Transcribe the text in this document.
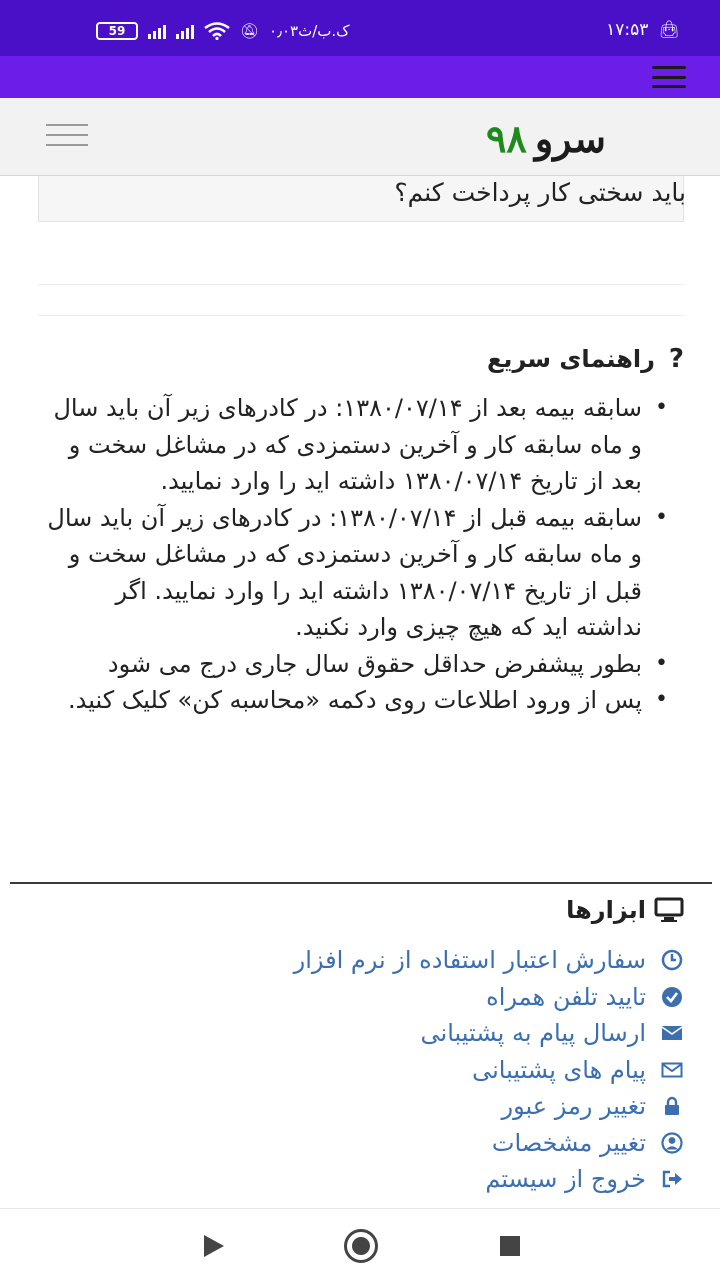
59	🔕︎ ۰٫۰۳ک.ب/ث	👜︎
۱۷:۵۳
باید سختی کار پرداخت کنم؟
سرو
۹۸
?
راهنمای سریع
• سابقه بیمه بعد از ۱۳۸۰/۰۷/۱۴: در کادرهای زیر آن باید سال و ماه سابقه کار و آخرین دستمزدی که در مشاغل سخت و بعد از تاریخ ۱۳۸۰/۰۷/۱۴ داشته اید را وارد نمایید.
• سابقه بیمه قبل از ۱۳۸۰/۰۷/۱۴: در کادرهای زیر آن باید سال و ماه سابقه کار و آخرین دستمزدی که در مشاغل سخت و قبل از تاریخ ۱۳۸۰/۰۷/۱۴ داشته اید را وارد نمایید. اگر نداشته اید که هیچ چیزی وارد نکنید.
• بطور پیشفرض حداقل حقوق سال جاری درج می شود
• پس از ورود اطلاعات روی دکمه «محاسبه کن» کلیک کنید.
ابزارها
سفارش اعتبار استفاده از نرم افزار
تایید تلفن همراه
ارسال پیام به پشتیبانی
پیام های پشتیبانی
تغییر رمز عبور
تغییر مشخصات
خروج از سیستم
